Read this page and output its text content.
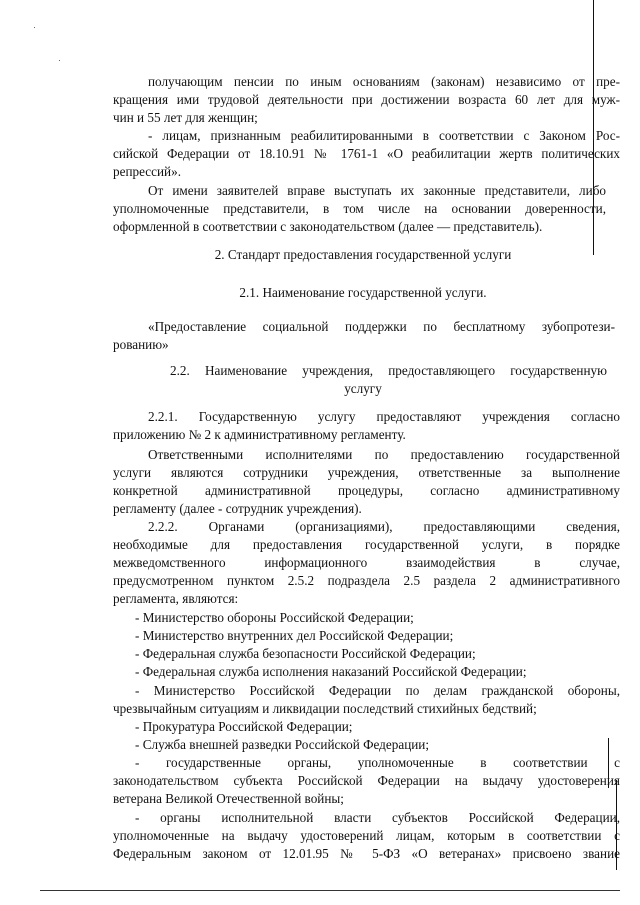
получающим пенсии по иным основаниям (законам) независимо от пре-

кращения ими трудовой деятельности при достижении возраста 60 лет для муж-

чин и 55 лет для женщин;

- лицам, признанным реабилитированными в соответствии с Законом Рос-

сийской Федерации от 18.10.91 № 1761-1 «О реабилитации жертв политических

репрессий».

От имени заявителей вправе выступать их законные представители, либо

уполномоченные представители, в том числе на основании доверенности,

оформленной в соответствии с законодательством (далее — представитель).

2. Стандарт предоставления государственной услуги

2.1. Наименование государственной услуги.

«Предоставление социальной поддержки по бесплатному зубопротези-

рованию»

2.2. Наименование учреждения, предоставляющего государственную

услугу

2.2.1. Государственную услугу предоставляют учреждения согласно

приложению № 2 к административному регламенту.

Ответственными исполнителями по предоставлению государственной

услуги являются сотрудники учреждения, ответственные за выполнение

конкретной административной процедуры, согласно административному

регламенту (далее - сотрудник учреждения).

2.2.2. Органами (организациями), предоставляющими сведения,

необходимые для предоставления государственной услуги, в порядке

межведомственного информационного взаимодействия в случае,

предусмотренном пунктом 2.5.2 подраздела 2.5 раздела 2 административного

регламента, являются:

- Министерство обороны Российской Федерации;

- Министерство внутренних дел Российской Федерации;

- Федеральная служба безопасности Российской Федерации;

- Федеральная служба исполнения наказаний Российской Федерации;

- Министерство Российской Федерации по делам гражданской обороны,

чрезвычайным ситуациям и ликвидации последствий стихийных бедствий;

- Прокуратура Российской Федерации;

- Служба внешней разведки Российской Федерации;

- государственные органы, уполномоченные в соответствии с

законодательством субъекта Российской Федерации на выдачу удостоверения

ветерана Великой Отечественной войны;

- органы исполнительной власти субъектов Российской Федерации,

уполномоченные на выдачу удостоверений лицам, которым в соответствии с

Федеральным законом от 12.01.95 № 5-ФЗ «О ветеранах» присвоено звание
